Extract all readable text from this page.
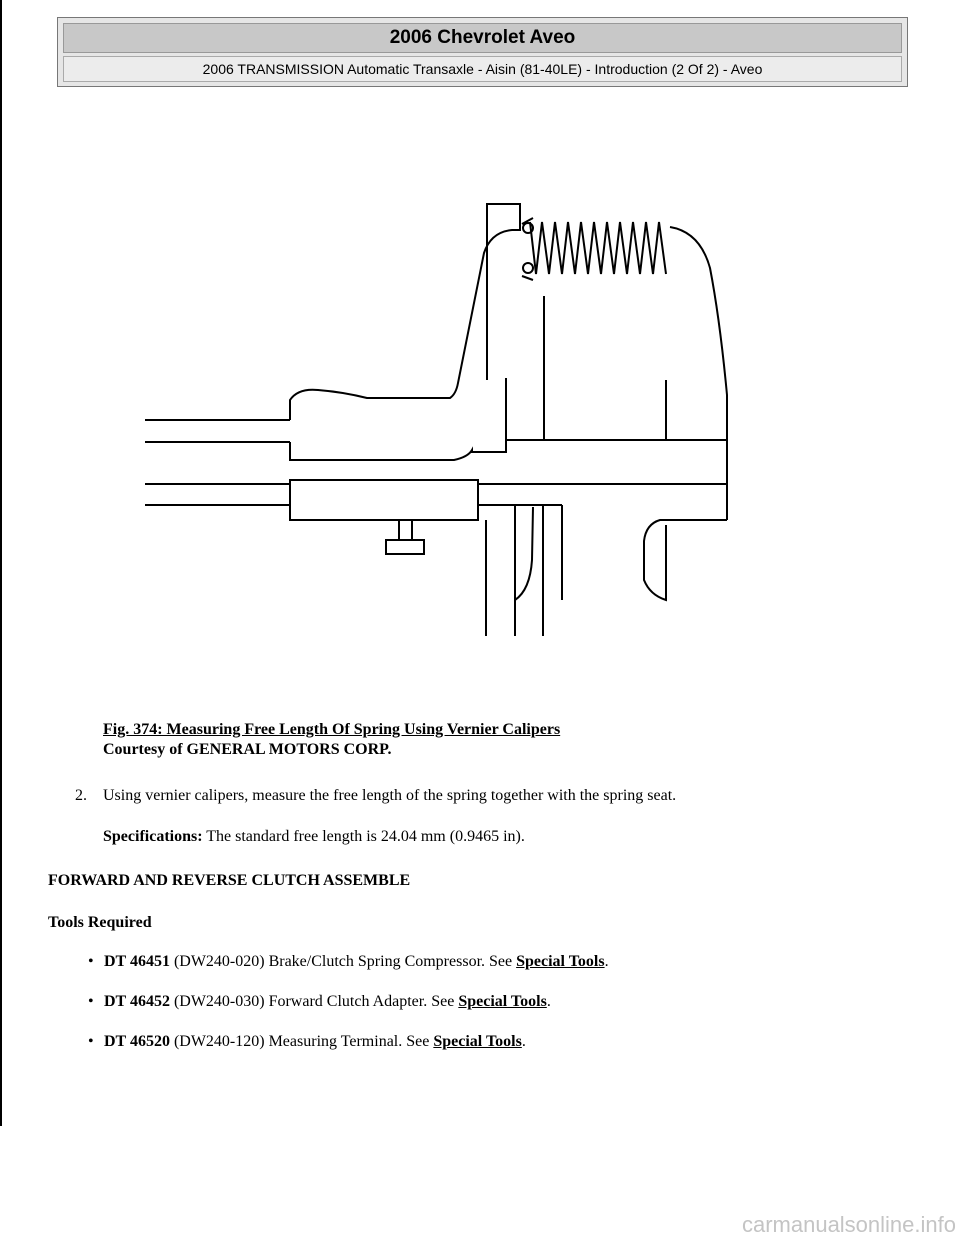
2006 Chevrolet Aveo
2006 TRANSMISSION Automatic Transaxle - Aisin (81-40LE) - Introduction (2 Of 2) - Aveo
Fig. 374: Measuring Free Length Of Spring Using Vernier Calipers
Courtesy of GENERAL MOTORS CORP.
2. Using vernier calipers, measure the free length of the spring together with the spring seat.
Specifications: The standard free length is 24.04 mm (0.9465 in).
FORWARD AND REVERSE CLUTCH ASSEMBLE
Tools Required
• DT 46451 (DW240-020) Brake/Clutch Spring Compressor. See Special Tools.
• DT 46452 (DW240-030) Forward Clutch Adapter. See Special Tools.
• DT 46520 (DW240-120) Measuring Terminal. See Special Tools.
carmanualsonline.info
